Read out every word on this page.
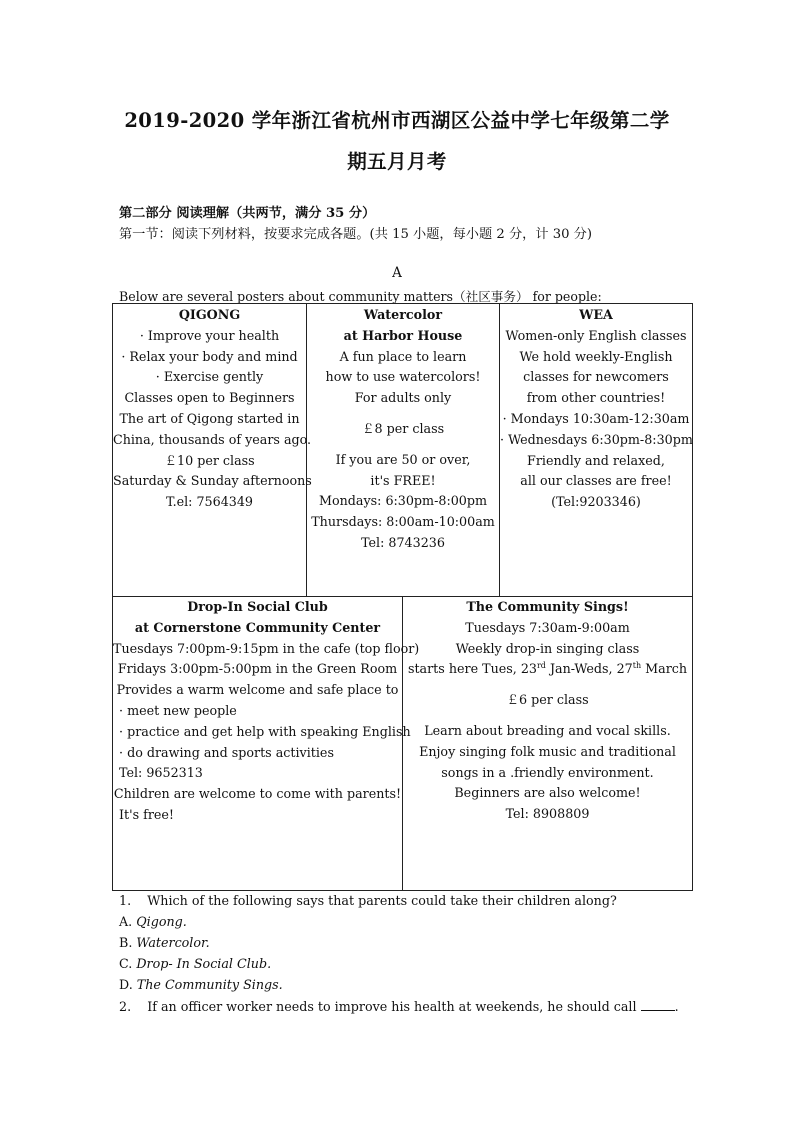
2019-2020 学年浙江省杭州市西湖区公益中学七年级第二学
期五月月考
第二部分 阅读理解（共两节，满分 35 分）
第一节：阅读下列材料，按要求完成各题。(共 15 小题，每小题 2 分，计 30 分)
A
Below are several posters about community matters（社区事务） for people:
QIGONG
· Improve your health
· Relax your body and mind
· Exercise gently
Classes open to Beginners
The art of Qigong started in
China, thousands of years ago.
￡10 per class
Saturday & Sunday afternoons
T.el: 7564349
Watercolor
at Harbor House
A fun place to learn
how to use watercolors!
For adults only
￡8 per class
If you are 50 or over,
it's FREE!
Mondays: 6:30pm-8:00pm
Thursdays: 8:00am-10:00am
Tel: 8743236
WEA
Women-only English classes
We hold weekly-English
classes for newcomers
from other countries!
· Mondays 10:30am-12:30am
· Wednesdays 6:30pm-8:30pm
Friendly and relaxed,
all our classes are free!
(Tel:9203346)
Drop-In Social Club
at Cornerstone Community Center
Tuesdays 7:00pm-9:15pm in the cafe (top floor)
Fridays 3:00pm-5:00pm in the Green Room
Provides a warm welcome and safe place to
· meet new people
· practice and get help with speaking English
· do drawing and sports activities
Tel: 9652313
Children are welcome to come with parents!
It's free!
The Community Sings!
Tuesdays 7:30am-9:00am
Weekly drop-in singing class
starts here Tues, 23rd Jan-Weds, 27th March
￡6 per class
Learn about breading and vocal skills.
Enjoy singing folk music and traditional
songs in a .friendly environment.
Beginners are also welcome!
Tel: 8908809
1. Which of the following says that parents could take their children along?
A. Qigong.
B. Watercolor.
C. Drop- In Social Club.
D. The Community Sings.
2. If an officer worker needs to improve his health at weekends, he should call	.
